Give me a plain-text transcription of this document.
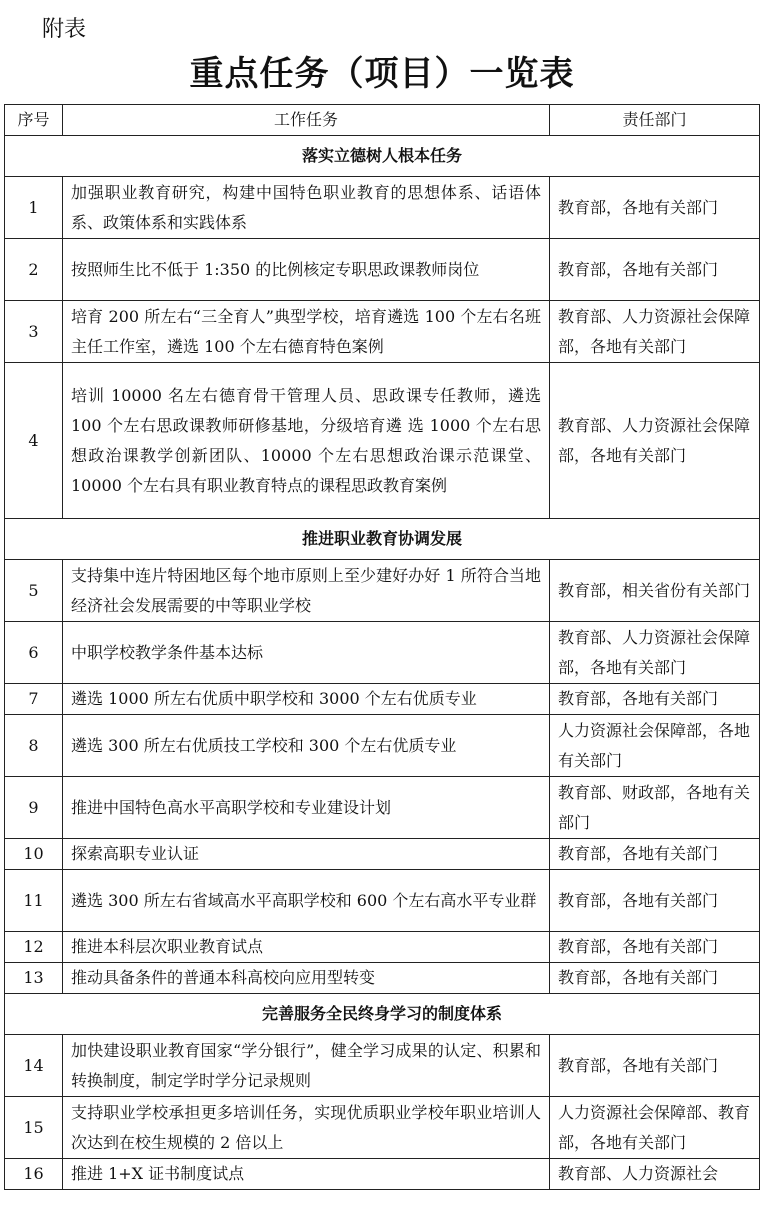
附表
重点任务（项目）一览表
序号	工作任务	责任部门
落实立德树人根本任务		
1	加强职业教育研究，构建中国特色职业教育的思想体系、话语体系、政策体系和实践体系	教育部，各地有关部门
2	按照师生比不低于 1:350 的比例核定专职思政课教师岗位	教育部，各地有关部门
3	培育 200 所左右“三全育人”典型学校，培育遴选 100 个左右名班主任工作室，遴选 100 个左右德育特色案例	教育部、人力资源社会保障部，各地有关部门
4	培训 10000 名左右德育骨干管理人员、思政课专任教师，遴选 100 个左右思政课教师研修基地，分级培育遴 选 1000 个左右思想政治课教学创新团队、10000 个左右思想政治课示范课堂、10000 个左右具有职业教育特点的课程思政教育案例	教育部、人力资源社会保障部，各地有关部门
推进职业教育协调发展		
5	支持集中连片特困地区每个地市原则上至少建好办好 1 所符合当地经济社会发展需要的中等职业学校	教育部，相关省份有关部门
6	中职学校教学条件基本达标	教育部、人力资源社会保障部，各地有关部门
7	遴选 1000 所左右优质中职学校和 3000 个左右优质专业	教育部，各地有关部门
8	遴选 300 所左右优质技工学校和 300 个左右优质专业	人力资源社会保障部，各地有关部门
9	推进中国特色高水平高职学校和专业建设计划	教育部、财政部，各地有关部门
10	探索高职专业认证	教育部，各地有关部门
11	遴选 300 所左右省域高水平高职学校和 600 个左右高水平专业群	教育部，各地有关部门
12	推进本科层次职业教育试点	教育部，各地有关部门
13	推动具备条件的普通本科高校向应用型转变	教育部，各地有关部门
完善服务全民终身学习的制度体系		
14	加快建设职业教育国家“学分银行”，健全学习成果的认定、积累和转换制度，制定学时学分记录规则	教育部，各地有关部门
15	支持职业学校承担更多培训任务，实现优质职业学校年职业培训人次达到在校生规模的 2 倍以上	人力资源社会保障部、教育部，各地有关部门
16	推进 1+X 证书制度试点	教育部、人力资源社会
